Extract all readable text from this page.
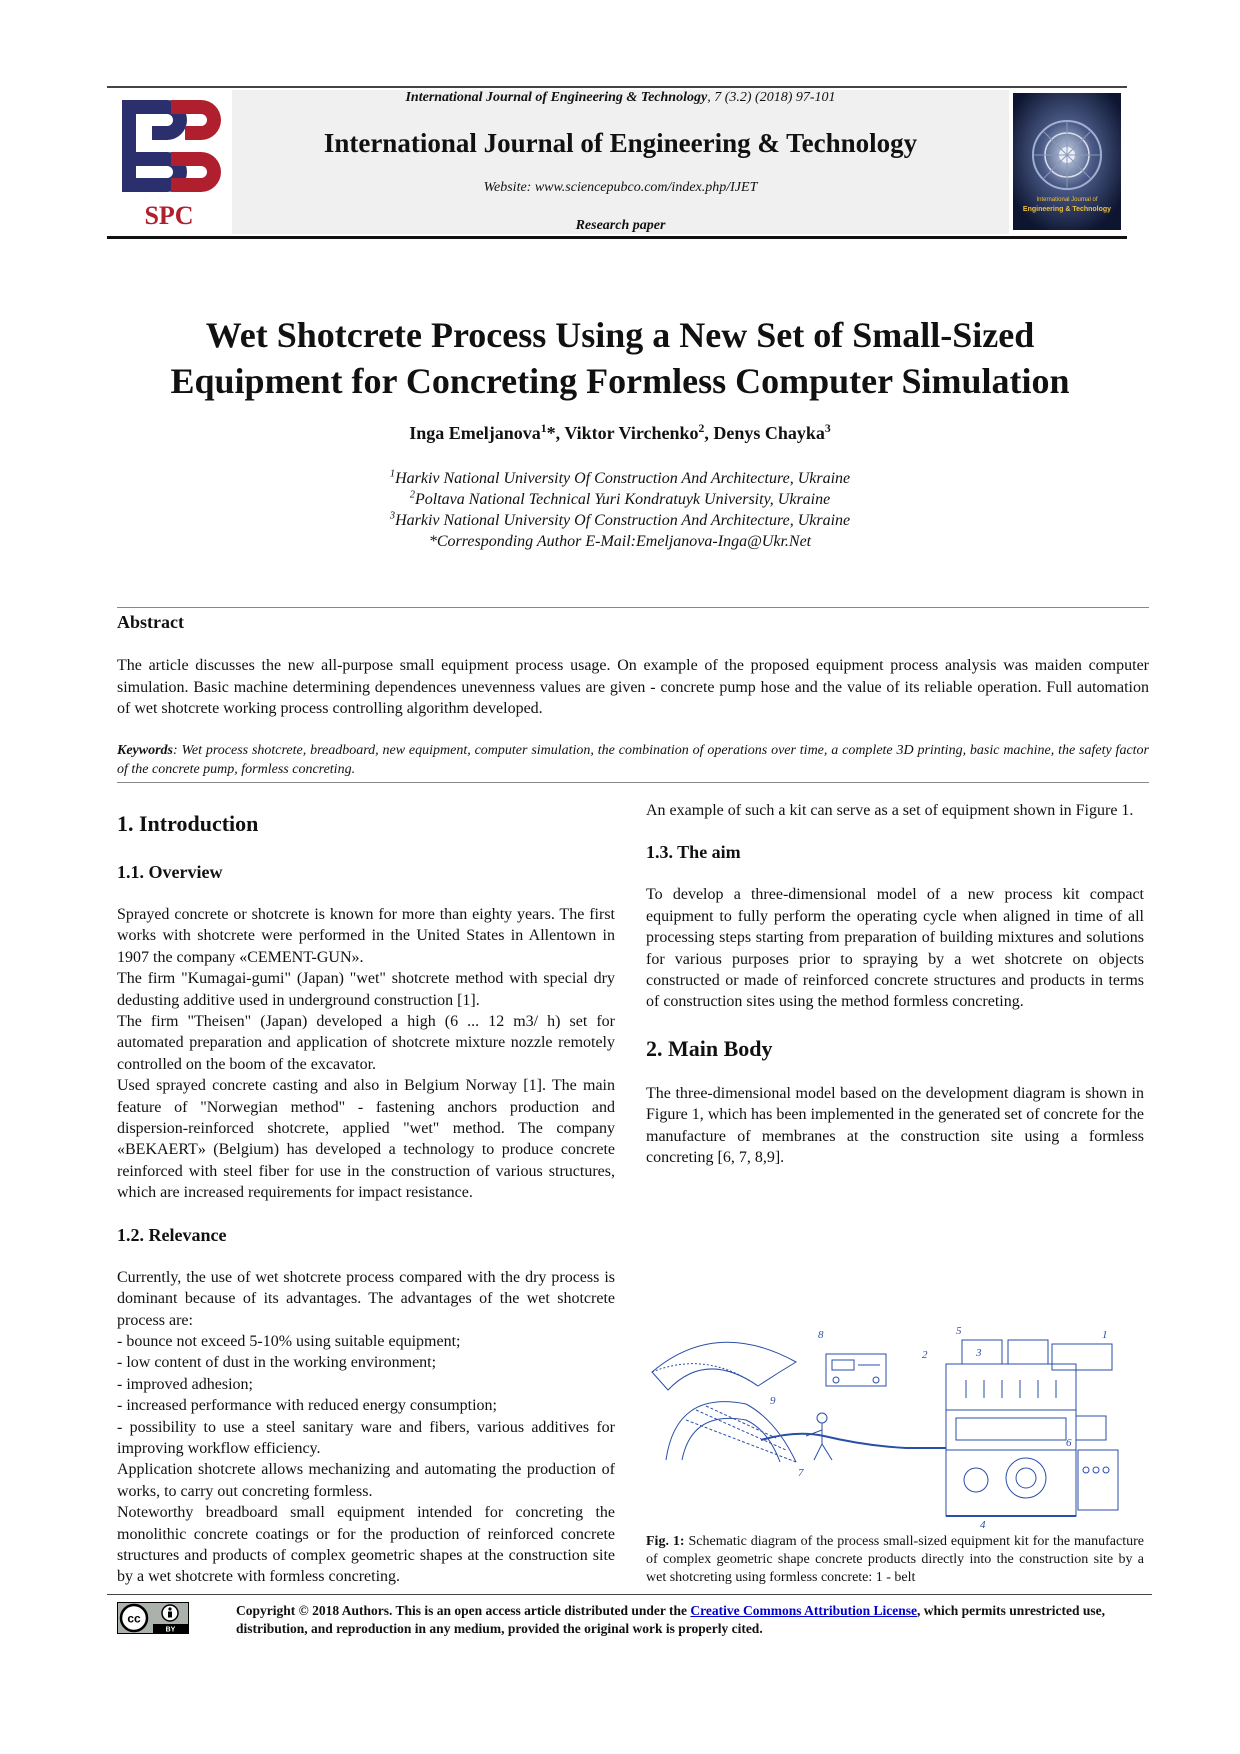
SPC
International Journal of Engineering & Technology, 7 (3.2) (2018) 97-101
International Journal of Engineering & Technology
Website: www.sciencepubco.com/index.php/IJET
Research paper
International Journal of
Engineering & Technology
Wet Shotcrete Process Using a New Set of Small-Sized
Equipment for Concreting Formless Computer Simulation
Inga Emeljanova$^1$*, Viktor Virchenko$^2$, Denys Chayka$^3$
$^1$Harkiv National University Of Construction And Architecture, Ukraine
$^2$Poltava National Technical Yuri Kondratuyk University, Ukraine
$^3$Harkiv National University Of Construction And Architecture, Ukraine
*Corresponding Author E-Mail:Emeljanova-Inga@Ukr.Net
Abstract
The article discusses the new all-purpose small equipment process usage. On example of the proposed equipment process analysis was maiden computer simulation. Basic machine determining dependences unevenness values are given - concrete pump hose and the value of its reliable operation. Full automation of wet shotcrete working process controlling algorithm developed.
Keywords: Wet process shotcrete, breadboard, new equipment, computer simulation, the combination of operations over time, a complete 3D printing, basic machine, the safety factor of the concrete pump, formless concreting.
1. Introduction
1.1. Overview

Sprayed concrete or shotcrete is known for more than eighty years. The first works with shotcrete were performed in the United States in Allentown in 1907 the company «CEMENT-GUN».

The firm "Kumagai-gumi" (Japan) "wet" shotcrete method with special dry dedusting additive used in underground construction [1].

The firm "Theisen" (Japan) developed a high (6 ... 12 m3/ h) set for automated preparation and application of shotcrete mixture nozzle remotely controlled on the boom of the excavator.

Used sprayed concrete casting and also in Belgium Norway [1]. The main feature of "Norwegian method" - fastening anchors production and dispersion-reinforced shotcrete, applied "wet" method. The company «BEKAERT» (Belgium) has developed a technology to produce concrete reinforced with steel fiber for use in the construction of various structures, which are increased requirements for impact resistance.

1.2. Relevance

Currently, the use of wet shotcrete process compared with the dry process is dominant because of its advantages. The advantages of the wet shotcrete process are:

- bounce not exceed 5-10% using suitable equipment;

- low content of dust in the working environment;

- improved adhesion;

- increased performance with reduced energy consumption;

- possibility to use a steel sanitary ware and fibers, various additives for improving workflow efficiency.

Application shotcrete allows mechanizing and automating the production of works, to carry out concreting formless.

Noteworthy breadboard small equipment intended for concreting the monolithic concrete coatings or for the production of reinforced concrete structures and products of complex geometric shapes at the construction site by a wet shotcrete with formless concreting.

An example of such a kit can serve as a set of equipment shown in Figure 1.

1.3. The aim

To develop a three-dimensional model of a new process kit compact equipment to fully perform the operating cycle when aligned in time of all processing steps starting from preparation of building mixtures and solutions for various purposes prior to spraying by a wet shotcrete on objects constructed or made of reinforced concrete structures and products in terms of construction sites using the method formless concreting.

2. Main Body

The three-dimensional model based on the development diagram is shown in Figure 1, which has been implemented in the generated set of concrete for the manufacture of membranes at the construction site using a formless concreting [6, 7, 8,9].

8
2	3
5
9
7
6
4
1
Fig. 1: Schematic diagram of the process small-sized equipment kit for the manufacture of complex geometric shape concrete products directly into the construction site by a wet shotcreting using formless concrete: 1 - belt
cc
BY
Copyright © 2018 Authors. This is an open access article distributed under the Creative Commons Attribution License, which permits unrestricted use, distribution, and reproduction in any medium, provided the original work is properly cited.
